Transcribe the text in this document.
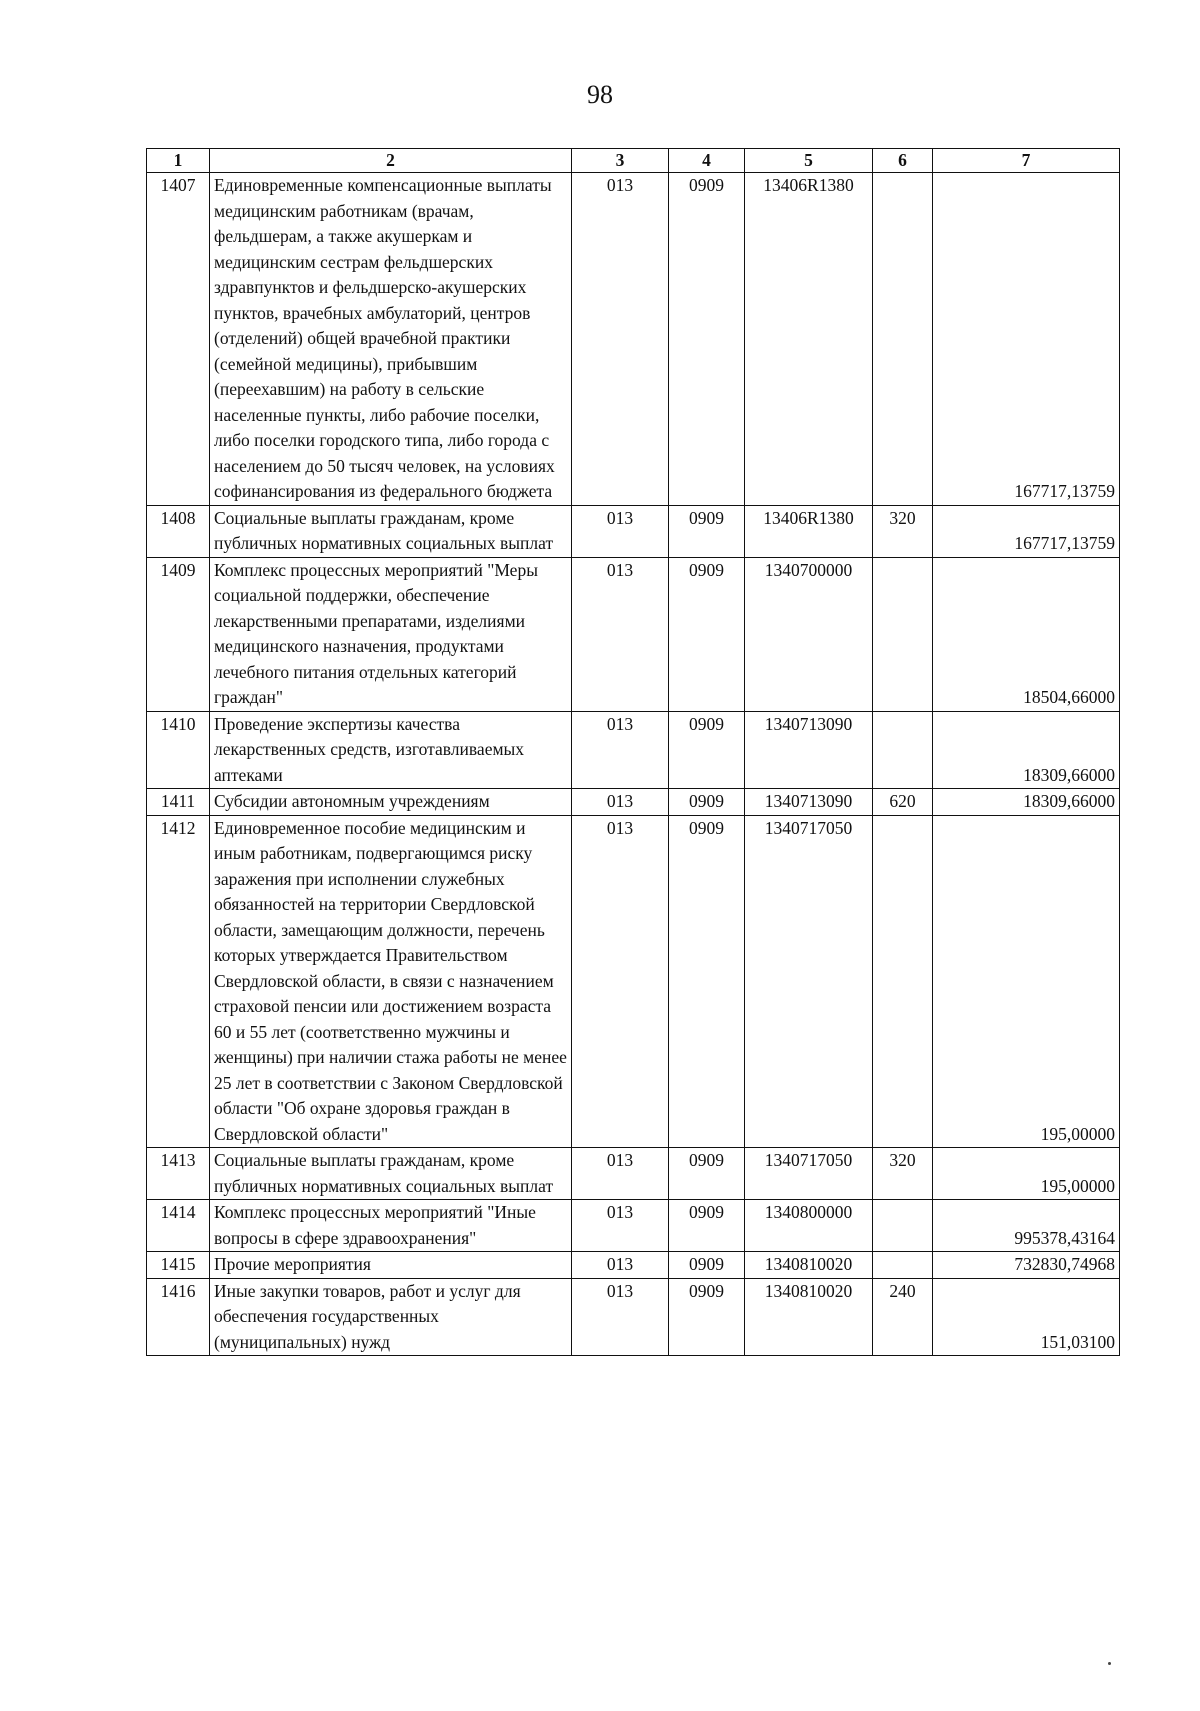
98
1	2	3	4	5	6	7
1407	Единовременные компенсационные выплаты медицинским работникам (врачам, фельдшерам, а также акушеркам и медицинским сестрам фельдшерских здравпунктов и фельдшерско-акушерских пунктов, врачебных амбулаторий, центров (отделений) общей врачебной практики (семейной медицины), прибывшим (переехавшим) на работу в сельские населенные пункты, либо рабочие поселки, либо поселки городского типа, либо города с населением до 50 тысяч человек, на условиях софинансирования из федерального бюджета	013	0909	13406R1380		167717,13759
1408	Социальные выплаты гражданам, кроме публичных нормативных социальных выплат	013	0909	13406R1380	320	167717,13759
1409	Комплекс процессных мероприятий "Меры социальной поддержки, обеспечение лекарственными препаратами, изделиями медицинского назначения, продуктами лечебного питания отдельных категорий граждан"	013	0909	1340700000		18504,66000
1410	Проведение экспертизы качества лекарственных средств, изготавливаемых аптеками	013	0909	1340713090		18309,66000
1411	Субсидии автономным учреждениям	013	0909	1340713090	620	18309,66000
1412	Единовременное пособие медицинским и иным работникам, подвергающимся риску заражения при исполнении служебных обязанностей на территории Свердловской области, замещающим должности, перечень которых утверждается Правительством Свердловской области, в связи с назначением страховой пенсии или достижением возраста 60 и 55 лет (соответственно мужчины и женщины) при наличии стажа работы не менее 25 лет в соответствии с Законом Свердловской области "Об охране здоровья граждан в Свердловской области"	013	0909	1340717050		195,00000
1413	Социальные выплаты гражданам, кроме публичных нормативных социальных выплат	013	0909	1340717050	320	195,00000
1414	Комплекс процессных мероприятий "Иные вопросы в сфере здравоохранения"	013	0909	1340800000		995378,43164
1415	Прочие мероприятия	013	0909	1340810020		732830,74968
1416	Иные закупки товаров, работ и услуг для обеспечения государственных (муниципальных) нужд	013	0909	1340810020	240	151,03100
